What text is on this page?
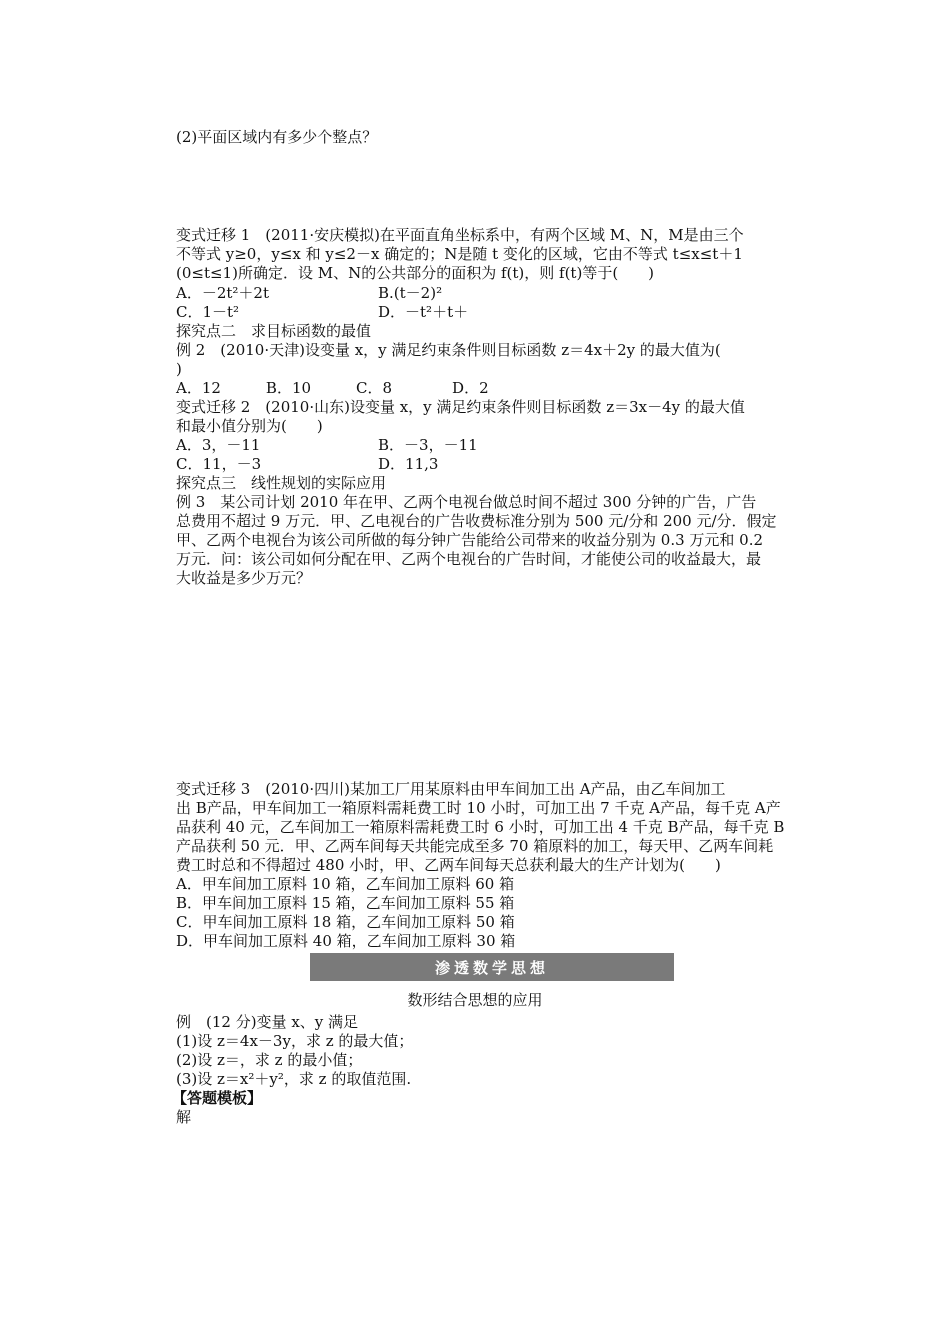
(2)平面区域内有多少个整点？
变式迁移 1　(2011·安庆模拟)在平面直角坐标系中，有两个区域 M、N，M是由三个
不等式 y≥0，y≤x 和 y≤2－x 确定的；N是随 t 变化的区域，它由不等式 t≤x≤t＋1
(0≤t≤1)所确定．设 M、N的公共部分的面积为 f(t)，则 f(t)等于(　　)
A．－2t²＋2t	B.(t－2)²
C．1－t²	D．－t²＋t＋
探究点二　求目标函数的最值
例 2　(2010·天津)设变量 x，y 满足约束条件则目标函数 z＝4x＋2y 的最大值为(
)
A．12　　　B．10　　　C．8　　　　D．2
变式迁移 2　(2010·山东)设变量 x，y 满足约束条件则目标函数 z＝3x－4y 的最大值
和最小值分别为(　　)
A．3，－11	B．－3，－11
C．11，－3	D．11,3
探究点三　线性规划的实际应用
例 3　某公司计划 2010 年在甲、乙两个电视台做总时间不超过 300 分钟的广告，广告
总费用不超过 9 万元．甲、乙电视台的广告收费标准分别为 500 元/分和 200 元/分．假定
甲、乙两个电视台为该公司所做的每分钟广告能给公司带来的收益分别为 0.3 万元和 0.2
万元．问：该公司如何分配在甲、乙两个电视台的广告时间，才能使公司的收益最大，最
大收益是多少万元？
变式迁移 3　(2010·四川)某加工厂用某原料由甲车间加工出 A产品，由乙车间加工
出 B产品，甲车间加工一箱原料需耗费工时 10 小时，可加工出 7 千克 A产品，每千克 A产
品获利 40 元，乙车间加工一箱原料需耗费工时 6 小时，可加工出 4 千克 B产品，每千克 B
产品获利 50 元．甲、乙两车间每天共能完成至多 70 箱原料的加工，每天甲、乙两车间耗
费工时总和不得超过 480 小时，甲、乙两车间每天总获利最大的生产计划为(　　)
A．甲车间加工原料 10 箱，乙车间加工原料 60 箱
B．甲车间加工原料 15 箱，乙车间加工原料 55 箱
C．甲车间加工原料 18 箱，乙车间加工原料 50 箱
D．甲车间加工原料 40 箱，乙车间加工原料 30 箱
渗透数学思想
数形结合思想的应用
例　(12 分)变量 x、y 满足
(1)设 z＝4x－3y，求 z 的最大值；
(2)设 z＝，求 z 的最小值；
(3)设 z＝x²＋y²，求 z 的取值范围.
【答题模板】
解
